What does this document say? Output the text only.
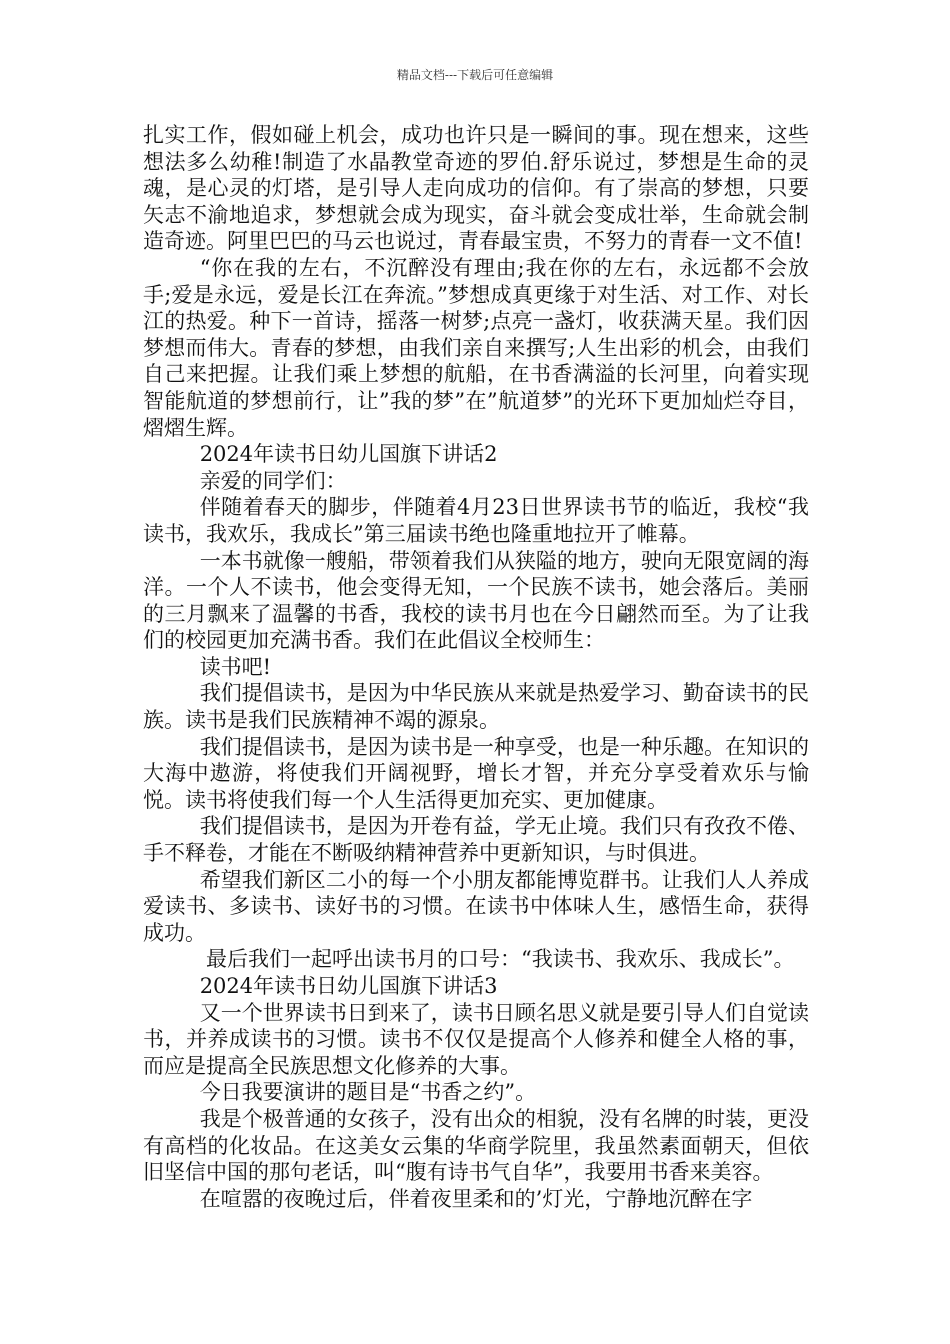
精品文档---下载后可任意编辑

扎实工作，假如碰上机会，成功也许只是一瞬间的事。现在想来，这些想法多么幼稚!制造了水晶教堂奇迹的罗伯.舒乐说过，梦想是生命的灵魂，是心灵的灯塔，是引导人走向成功的信仰。有了崇高的梦想，只要矢志不渝地追求，梦想就会成为现实，奋斗就会变成壮举，生命就会制造奇迹。阿里巴巴的马云也说过，青春最宝贵，不努力的青春一文不值!

“你在我的左右，不沉醉没有理由;我在你的左右，永远都不会放手;爱是永远，爱是长江在奔流。”梦想成真更缘于对生活、对工作、对长江的热爱。种下一首诗，摇落一树梦;点亮一盏灯，收获满天星。我们因梦想而伟大。青春的梦想，由我们亲自来撰写;人生出彩的机会，由我们自己来把握。让我们乘上梦想的航船，在书香满溢的长河里，向着实现智能航道的梦想前行，让”我的梦”在”航道梦”的光环下更加灿烂夺目，熠熠生辉。

2024年读书日幼儿国旗下讲话2

亲爱的同学们：

伴随着春天的脚步，伴随着4月23日世界读书节的临近，我校“我读书，我欢乐，我成长”第三届读书绝也隆重地拉开了帷幕。

一本书就像一艘船，带领着我们从狭隘的地方，驶向无限宽阔的海洋。一个人不读书，他会变得无知，一个民族不读书，她会落后。美丽的三月飘来了温馨的书香，我校的读书月也在今日翩然而至。为了让我们的校园更加充满书香。我们在此倡议全校师生：

读书吧!

我们提倡读书，是因为中华民族从来就是热爱学习、勤奋读书的民族。读书是我们民族精神不竭的源泉。

我们提倡读书，是因为读书是一种享受，也是一种乐趣。在知识的大海中遨游，将使我们开阔视野，增长才智，并充分享受着欢乐与愉悦。读书将使我们每一个人生活得更加充实、更加健康。

我们提倡读书，是因为开卷有益，学无止境。我们只有孜孜不倦、手不释卷，才能在不断吸纳精神营养中更新知识，与时俱进。

希望我们新区二小的每一个小朋友都能博览群书。让我们人人养成爱读书、多读书、读好书的习惯。在读书中体味人生，感悟生命，获得成功。

最后我们一起呼出读书月的口号：“我读书、我欢乐、我成长”。

2024年读书日幼儿国旗下讲话3

又一个世界读书日到来了，读书日顾名思义就是要引导人们自觉读书，并养成读书的习惯。读书不仅仅是提高个人修养和健全人格的事，而应是提高全民族思想文化修养的大事。

今日我要演讲的题目是“书香之约”。

我是个极普通的女孩子，没有出众的相貌，没有名牌的时装，更没有高档的化妆品。在这美女云集的华商学院里，我虽然素面朝天，但依旧坚信中国的那句老话，叫“腹有诗书气自华”，我要用书香来美容。

在喧嚣的夜晚过后，伴着夜里柔和的’灯光，宁静地沉醉在字
